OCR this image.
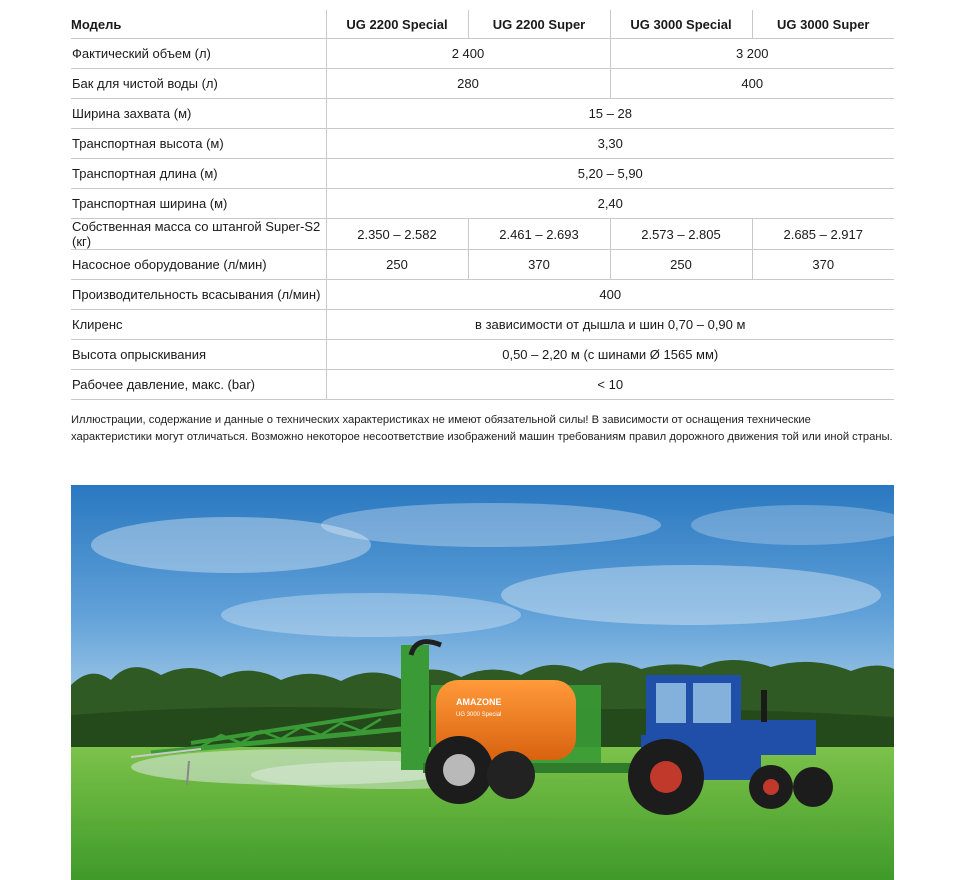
Модель	UG 2200 Special	UG 2200 Super	UG 3000 Special	UG 3000 Super
Фактический объем (л)	2 400		3 200	
Бак для чистой воды (л)	280		400	
Ширина захвата (м)	15 – 28			
Транспортная высота (м)	3,30			
Транспортная длина (м)	5,20 – 5,90			
Транспортная ширина (м)	2,40			
Собственная масса со штангой Super-S2 (кг)	2.350 – 2.582	2.461 – 2.693	2.573 – 2.805	2.685 – 2.917
Насосное оборудование (л/мин)	250	370	250	370
Производительность всасывания (л/мин)	400			
Клиренс	в зависимости от дышла и шин 0,70 – 0,90 м			
Высота опрыскивания	0,50 – 2,20 м (с шинами Ø 1565 мм)			
Рабочее давление, макс. (bar)	< 10			

Иллюстрации, содержание и данные о технических характеристиках не имеют обязательной силы! В зависимости от оснащения технические характеристики могут отличаться. Возможно некоторое несоответствие изображений машин требованиям правил дорожного движения той или иной страны.

AMAZONE
UG 3000 Special
